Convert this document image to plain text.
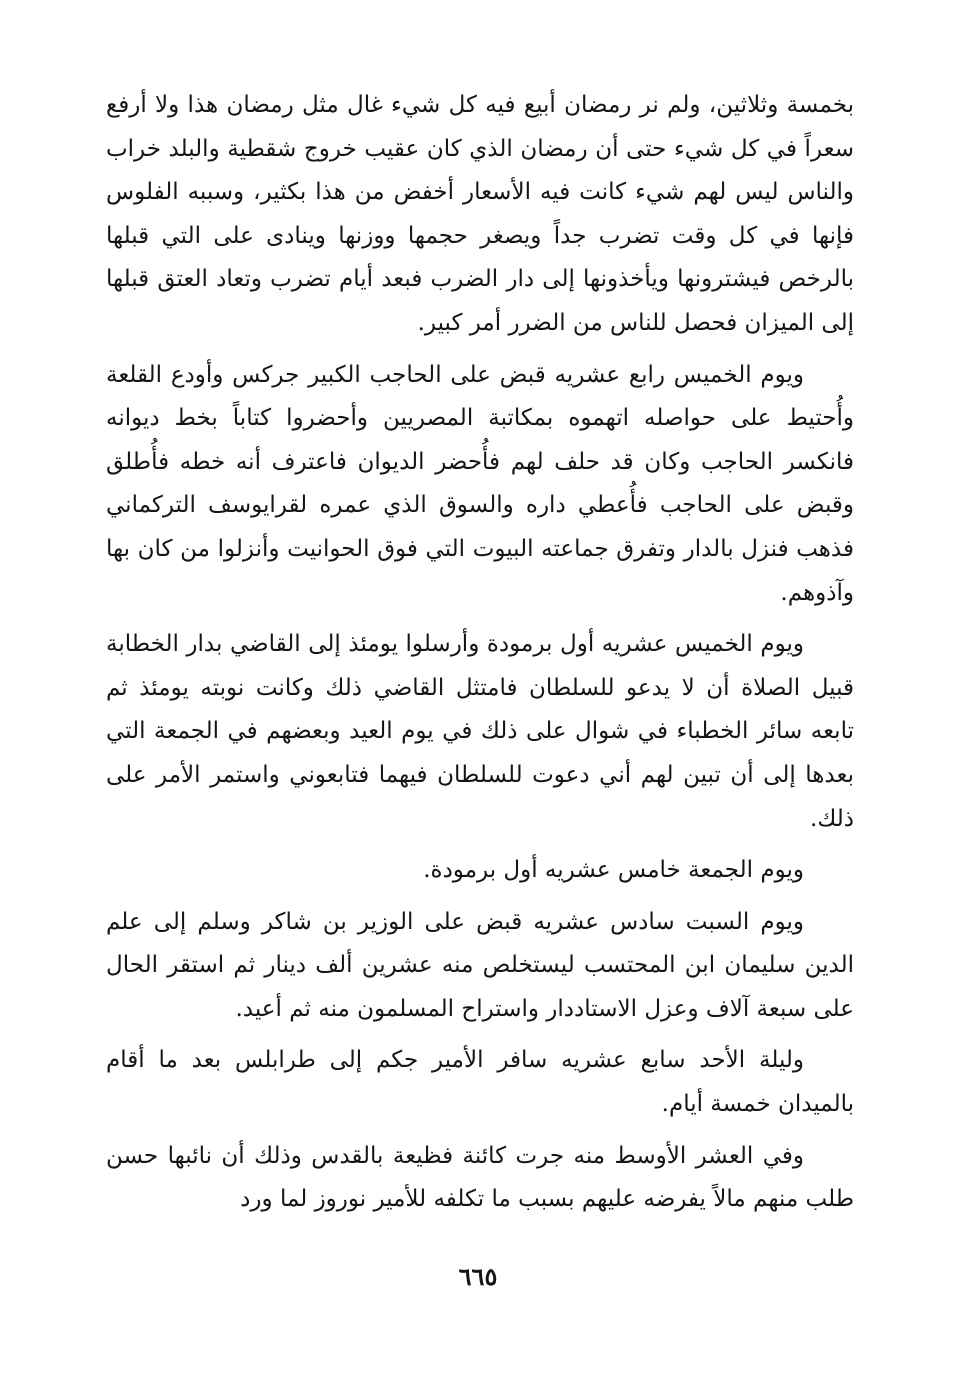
بخمسة وثلاثين، ولم نر رمضان أبيع فيه كل شيء غال مثل رمضان هذا ولا أرفع سعراً في كل شيء حتى أن رمضان الذي كان عقيب خروج شقطية والبلد خراب والناس ليس لهم شيء كانت فيه الأسعار أخفض من هذا بكثير، وسببه الفلوس فإنها في كل وقت تضرب جداً ويصغر حجمها ووزنها وينادى على التي قبلها بالرخص فيشترونها ويأخذونها إلى دار الضرب فبعد أيام تضرب وتعاد العتق قبلها إلى الميزان فحصل للناس من الضرر أمر كبير.

ويوم الخميس رابع عشريه قبض على الحاجب الكبير جركس وأودع القلعة وأُحتيط على حواصله اتهموه بمكاتبة المصريين وأحضروا كتاباً بخط ديوانه فانكسر الحاجب وكان قد حلف لهم فأُحضر الديوان فاعترف أنه خطه فأُطلق وقبض على الحاجب فأُعطي داره والسوق الذي عمره لقرايوسف التركماني فذهب فنزل بالدار وتفرق جماعته البيوت التي فوق الحوانيت وأنزلوا من كان بها وآذوهم.

ويوم الخميس عشريه أول برمودة وأرسلوا يومئذ إلى القاضي بدار الخطابة قبيل الصلاة أن لا يدعو للسلطان فامتثل القاضي ذلك وكانت نوبته يومئذ ثم تابعه سائر الخطباء في شوال على ذلك في يوم العيد وبعضهم في الجمعة التي بعدها إلى أن تبين لهم أني دعوت للسلطان فيهما فتابعوني واستمر الأمر على ذلك.

ويوم الجمعة خامس عشريه أول برمودة.

ويوم السبت سادس عشريه قبض على الوزير بن شاكر وسلم إلى علم الدين سليمان ابن المحتسب ليستخلص منه عشرين ألف دينار ثم استقر الحال على سبعة آلاف وعزل الاستاددار واستراح المسلمون منه ثم أعيد.

وليلة الأحد سابع عشريه سافر الأمير جكم إلى طرابلس بعد ما أقام بالميدان خمسة أيام.

وفي العشر الأوسط منه جرت كائنة فظيعة بالقدس وذلك أن نائبها حسن طلب منهم مالاً يفرضه عليهم بسبب ما تكلفه للأمير نوروز لما ورد

٦٦٥
